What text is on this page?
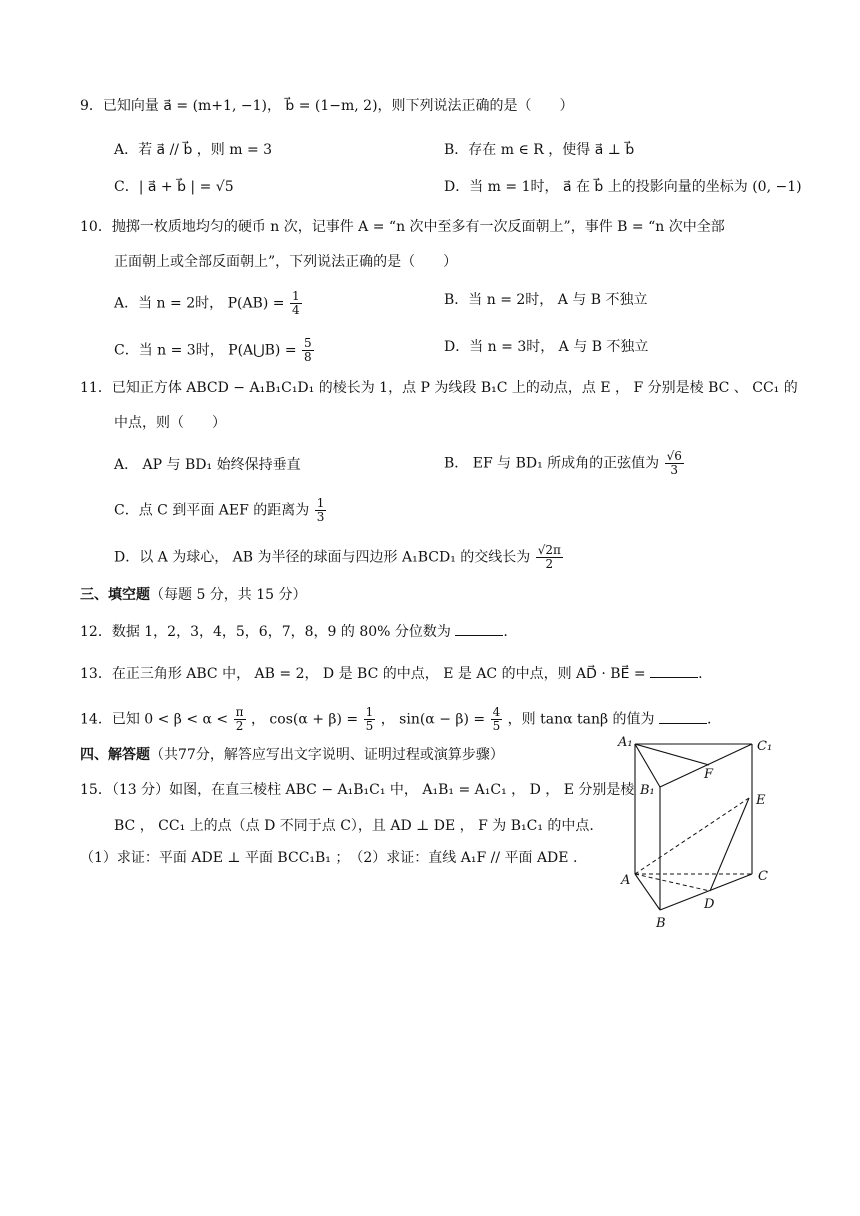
9．已知向量 a⃗ = (m+1, −1)， b⃗ = (1−m, 2)，则下列说法正确的是（　　）
A．若 a⃗ // b⃗ ，则 m = 3	B．存在 m ∈ R ，使得 a⃗ ⊥ b⃗
C．| a⃗ + b⃗ | = √5	D．当 m = 1时， a⃗ 在 b⃗ 上的投影向量的坐标为 (0, −1)
10．抛掷一枚质地均匀的硬币 n 次，记事件 A = “n 次中至多有一次反面朝上”，事件 B = “n 次中全部
正面朝上或全部反面朝上”，下列说法正确的是（　　）
A．当 n = 2时， $P(AB) = \frac{1}{4}$	B．当 n = 2时， A 与 B 不独立
C．当 n = 3时， P(A⋃B) = $\frac{5}{8}$	D．当 n = 3时， A 与 B 不独立
11．已知正方体 ABCD − A₁B₁C₁D₁ 的棱长为 1，点 P 为线段 B₁C 上的动点，点 E ， F 分别是棱 BC 、 CC₁ 的
中点，则（　　）
A． AP 与 BD₁ 始终保持垂直	B． EF 与 BD₁ 所成角的正弦值为 $\frac{√6}{3}$
C．点 C 到平面 AEF 的距离为 $\frac{1}{3}$
D．以 A 为球心， AB 为半径的球面与四边形 A₁BCD₁ 的交线长为 $\frac{√2\pi}{2}$
三、填空题（每题 5 分，共 15 分）
12．数据 1，2，3，4，5，6，7，8，9 的 80% 分位数为	.
13．在正三角形 ABC 中， AB = 2， D 是 BC 的中点， E 是 AC 的中点，则 AD⃗ · BE⃗ =	.
14．已知 $0 < \beta < \alpha < \frac{\pi}{2}$ ， $\cos(\alpha + \beta) = \frac{1}{5}$ ， $\sin(\alpha - \beta) = \frac{4}{5}$ ，则 tanα tanβ 的值为	.
四、解答题（共77分，解答应写出文字说明、证明过程或演算步骤）
15．（13 分）如图，在直三棱柱 ABC − A₁B₁C₁ 中， A₁B₁ = A₁C₁ ， D ， E 分别是棱
BC ， CC₁ 上的点（点 D 不同于点 C），且 AD ⊥ DE ， F 为 B₁C₁ 的中点.
（1）求证：平面 ADE ⊥ 平面 BCC₁B₁ ；　（2）求证：直线 A₁F // 平面 ADE .
A₁	C₁
B₁
F
E
A	C
D
B
